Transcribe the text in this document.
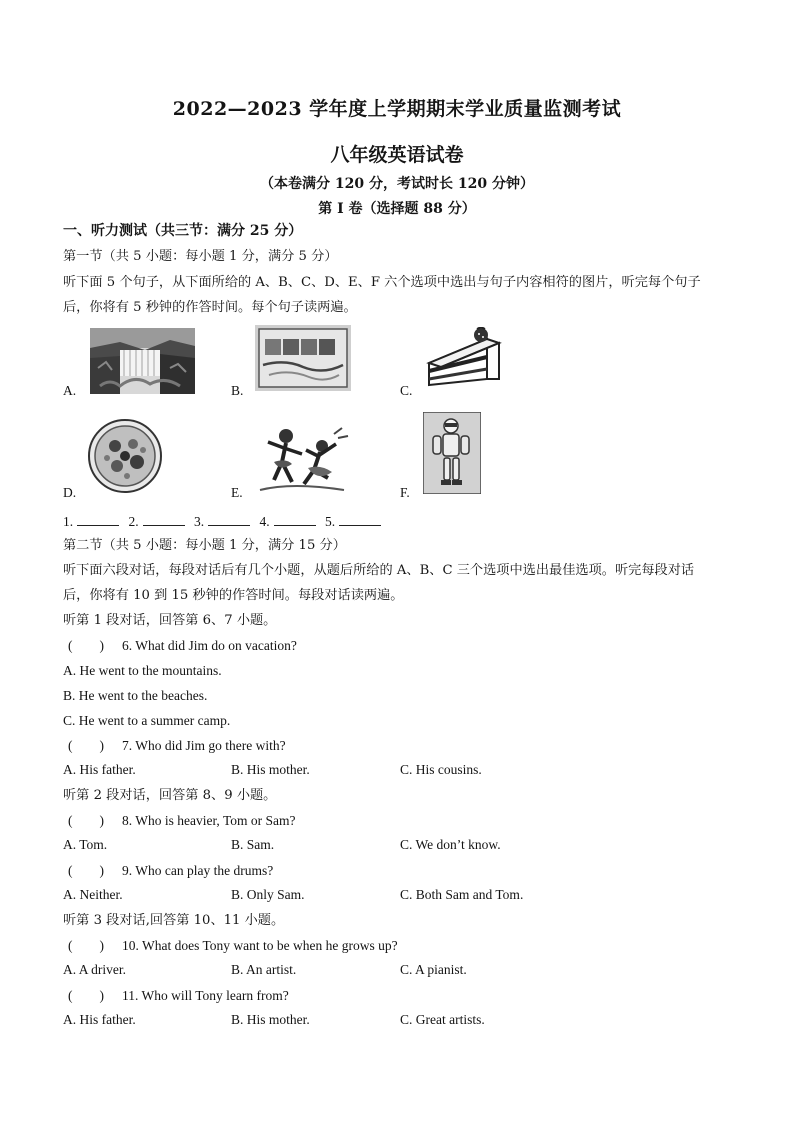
2022—2023 学年度上学期期末学业质量监测考试
八年级英语试卷
（本卷满分 120 分，考试时长 120 分钟）
第 I 卷（选择题 88 分）
一、听力测试（共三节：满分 25 分）
第一节（共 5 小题：每小题 1 分，满分 5 分）
听下面 5 个句子，从下面所给的 A、B、C、D、E、F 六个选项中选出与句子内容相符的图片，听完每个句子
后，你将有 5 秒钟的作答时间。每个句子读两遍。
A.	B.	C.
D.	E.	F.
1.	2.	3.	4.	5.
第二节（共 5 小题：每小题 1 分，满分 15 分）
听下面六段对话，每段对话后有几个小题，从题后所给的 A、B、C 三个选项中选出最佳选项。听完每段对话
后，你将有 10 到 15 秒钟的作答时间。每段对话读两遍。
听第 1 段对话，回答第 6、7 小题。
(        ) 6. What did Jim do on vacation?
A. He went to the mountains.
B. He went to the beaches.
C. He went to a summer camp.
(        ) 7. Who did Jim go there with?
A. His father.	B. His mother.	C. His cousins.
听第 2 段对话，回答第 8、9 小题。
(        ) 8. Who is heavier, Tom or Sam?
A. Tom.	B. Sam.	C. We don’t know.
(        ) 9. Who can play the drums?
A. Neither.	B. Only Sam.	C. Both Sam and Tom.
听第 3 段对话,回答第 10、11 小题。
(        ) 10. What does Tony want to be when he grows up?
A. A driver.	B. An artist.	C. A pianist.
(        ) 11. Who will Tony learn from?
A. His father.	B. His mother.	C. Great artists.
